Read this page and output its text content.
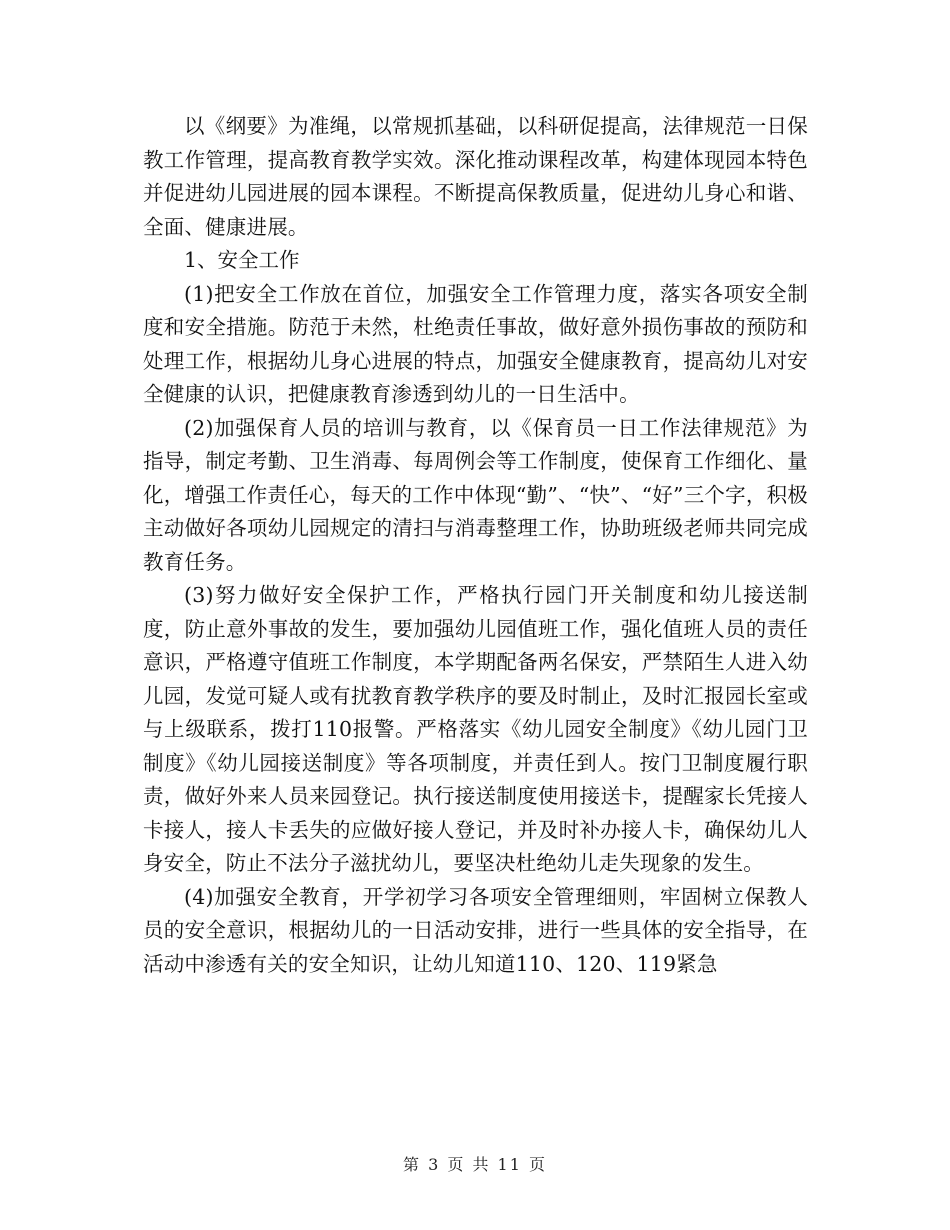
以《纲要》为准绳，以常规抓基础，以科研促提高，法律规范一日保教工作管理，提高教育教学实效。深化推动课程改革，构建体现园本特色并促进幼儿园进展的园本课程。不断提高保教质量，促进幼儿身心和谐、全面、健康进展。

1、安全工作

(1)把安全工作放在首位，加强安全工作管理力度，落实各项安全制度和安全措施。防范于未然，杜绝责任事故，做好意外损伤事故的预防和处理工作，根据幼儿身心进展的特点，加强安全健康教育，提高幼儿对安全健康的认识，把健康教育渗透到幼儿的一日生活中。

(2)加强保育人员的培训与教育，以《保育员一日工作法律规范》为指导，制定考勤、卫生消毒、每周例会等工作制度，使保育工作细化、量化，增强工作责任心，每天的工作中体现“勤”、“快”、“好”三个字，积极主动做好各项幼儿园规定的清扫与消毒整理工作，协助班级老师共同完成教育任务。

(3)努力做好安全保护工作，严格执行园门开关制度和幼儿接送制度，防止意外事故的发生，要加强幼儿园值班工作，强化值班人员的责任意识，严格遵守值班工作制度，本学期配备两名保安，严禁陌生人进入幼儿园，发觉可疑人或有扰教育教学秩序的要及时制止，及时汇报园长室或与上级联系，拨打110报警。严格落实《幼儿园安全制度》《幼儿园门卫制度》《幼儿园接送制度》等各项制度，并责任到人。按门卫制度履行职责，做好外来人员来园登记。执行接送制度使用接送卡，提醒家长凭接人卡接人，接人卡丢失的应做好接人登记，并及时补办接人卡，确保幼儿人身安全，防止不法分子滋扰幼儿，要坚决杜绝幼儿走失现象的发生。

(4)加强安全教育，开学初学习各项安全管理细则，牢固树立保教人员的安全意识，根据幼儿的一日活动安排，进行一些具体的安全指导，在活动中渗透有关的安全知识，让幼儿知道110、120、119紧急

第 3 页 共 11 页
